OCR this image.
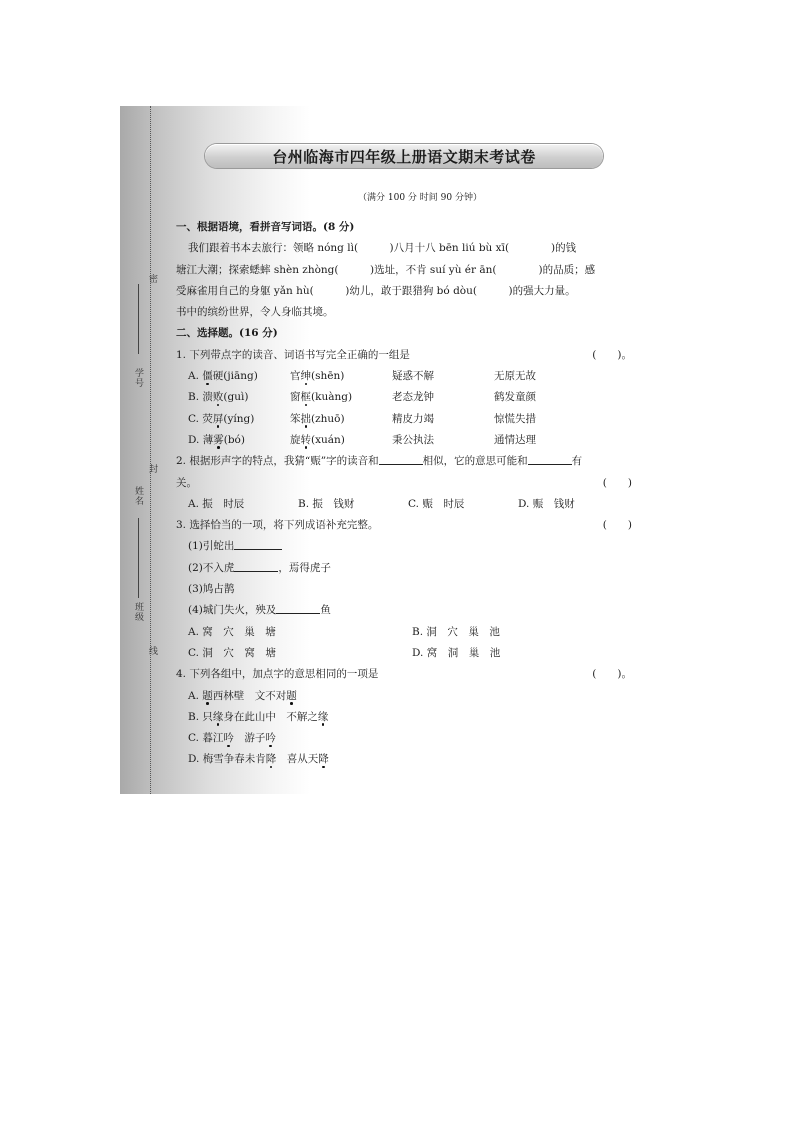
密
学号
封
姓名
班级
线
台州临海市四年级上册语文期末考试卷
（满分 100 分 时间 90 分钟）
一、根据语境，看拼音写词语。(8 分)
我们跟着书本去旅行：领略 nóng lì(　　　)八月十八 bēn liú bù xī(　　　　)的钱
塘江大潮；探索蟋蟀 shèn zhòng(　　　)选址，不肯 suí yù ér ān(　　　　)的品质；感
受麻雀用自己的身躯 yǎn hù(　　　)幼儿，敢于跟猎狗 bó dòu(　　　)的强大力量。
书中的缤纷世界，令人身临其境。
二、选择题。(16 分)
1. 下列带点字的读音、词语书写完全正确的一组是	(　　)。
A. 僵硬(jiāng)	官绅(shēn)	疑惑不解	无原无故
B. 溃败(guì)	窗框(kuàng)	老态龙钟	鹤发童颜
C. 荧屏(yíng)	笨拙(zhuō)	精皮力竭	惊慌失措
D. 薄雾(bó)	旋转(xuán)	秉公执法	通情达理
2. 根据形声字的特点，我猜“赈”字的读音和	相似，它的意思可能和	有
关。	(　　)
A. 振　时辰	B. 振　钱财	C. 赈　时辰	D. 赈　钱财
3. 选择恰当的一项，将下列成语补充完整。	(　　)
(1)引蛇出
(2)不入虎	，焉得虎子
(3)鸠占鹊
(4)城门失火，殃及	鱼
A. 窝　穴　巢　塘	B. 洞　穴　巢　池
C. 洞　穴　窝　塘	D. 窝　洞　巢　池
4. 下列各组中，加点字的意思相同的一项是	(　　)。
A. 题西林壁　文不对题
B. 只缘身在此山中　不解之缘
C. 暮江吟　游子吟
D. 梅雪争春未肯降　喜从天降
